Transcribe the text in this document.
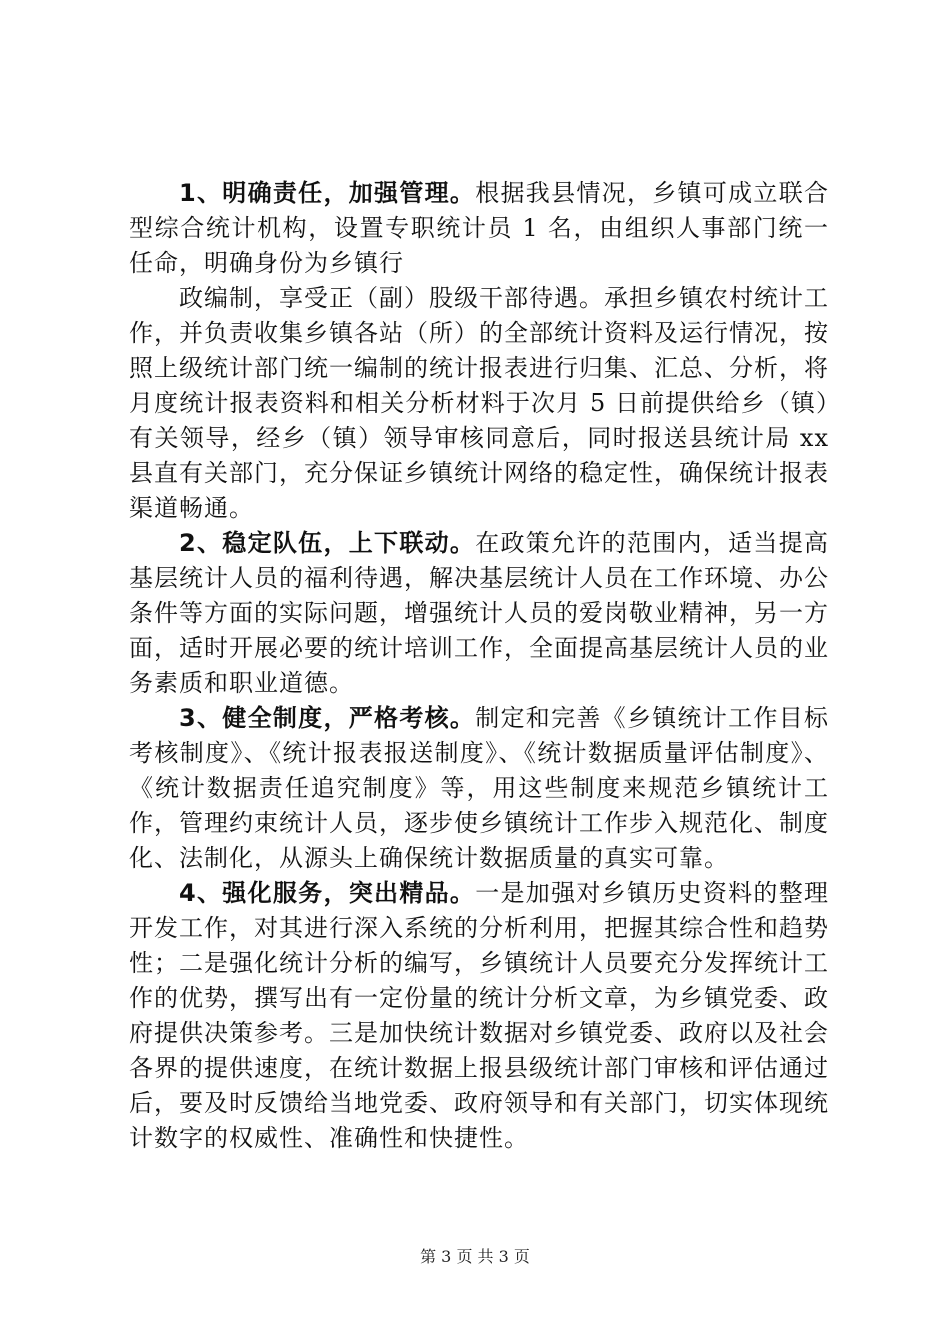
1、明确责任，加强管理。根据我县情况，乡镇可成立联合型综合统计机构，设置专职统计员 1 名，由组织人事部门统一任命，明确身份为乡镇行

政编制，享受正（副）股级干部待遇。承担乡镇农村统计工作，并负责收集乡镇各站（所）的全部统计资料及运行情况，按照上级统计部门统一编制的统计报表进行归集、汇总、分析，将月度统计报表资料和相关分析材料于次月 5 日前提供给乡（镇）有关领导，经乡（镇）领导审核同意后，同时报送县统计局 xx 县直有关部门，充分保证乡镇统计网络的稳定性，确保统计报表渠道畅通。

2、稳定队伍，上下联动。在政策允许的范围内，适当提高基层统计人员的福利待遇，解决基层统计人员在工作环境、办公条件等方面的实际问题，增强统计人员的爱岗敬业精神，另一方面，适时开展必要的统计培训工作，全面提高基层统计人员的业务素质和职业道德。

3、健全制度，严格考核。制定和完善《乡镇统计工作目标考核制度》、《统计报表报送制度》、《统计数据质量评估制度》、《统计数据责任追究制度》等，用这些制度来规范乡镇统计工作，管理约束统计人员，逐步使乡镇统计工作步入规范化、制度化、法制化，从源头上确保统计数据质量的真实可靠。

4、强化服务，突出精品。一是加强对乡镇历史资料的整理开发工作，对其进行深入系统的分析利用，把握其综合性和趋势性；二是强化统计分析的编写，乡镇统计人员要充分发挥统计工作的优势，撰写出有一定份量的统计分析文章，为乡镇党委、政府提供决策参考。三是加快统计数据对乡镇党委、政府以及社会各界的提供速度，在统计数据上报县级统计部门审核和评估通过后，要及时反馈给当地党委、政府领导和有关部门，切实体现统计数字的权威性、准确性和快捷性。

第 3 页 共 3 页
